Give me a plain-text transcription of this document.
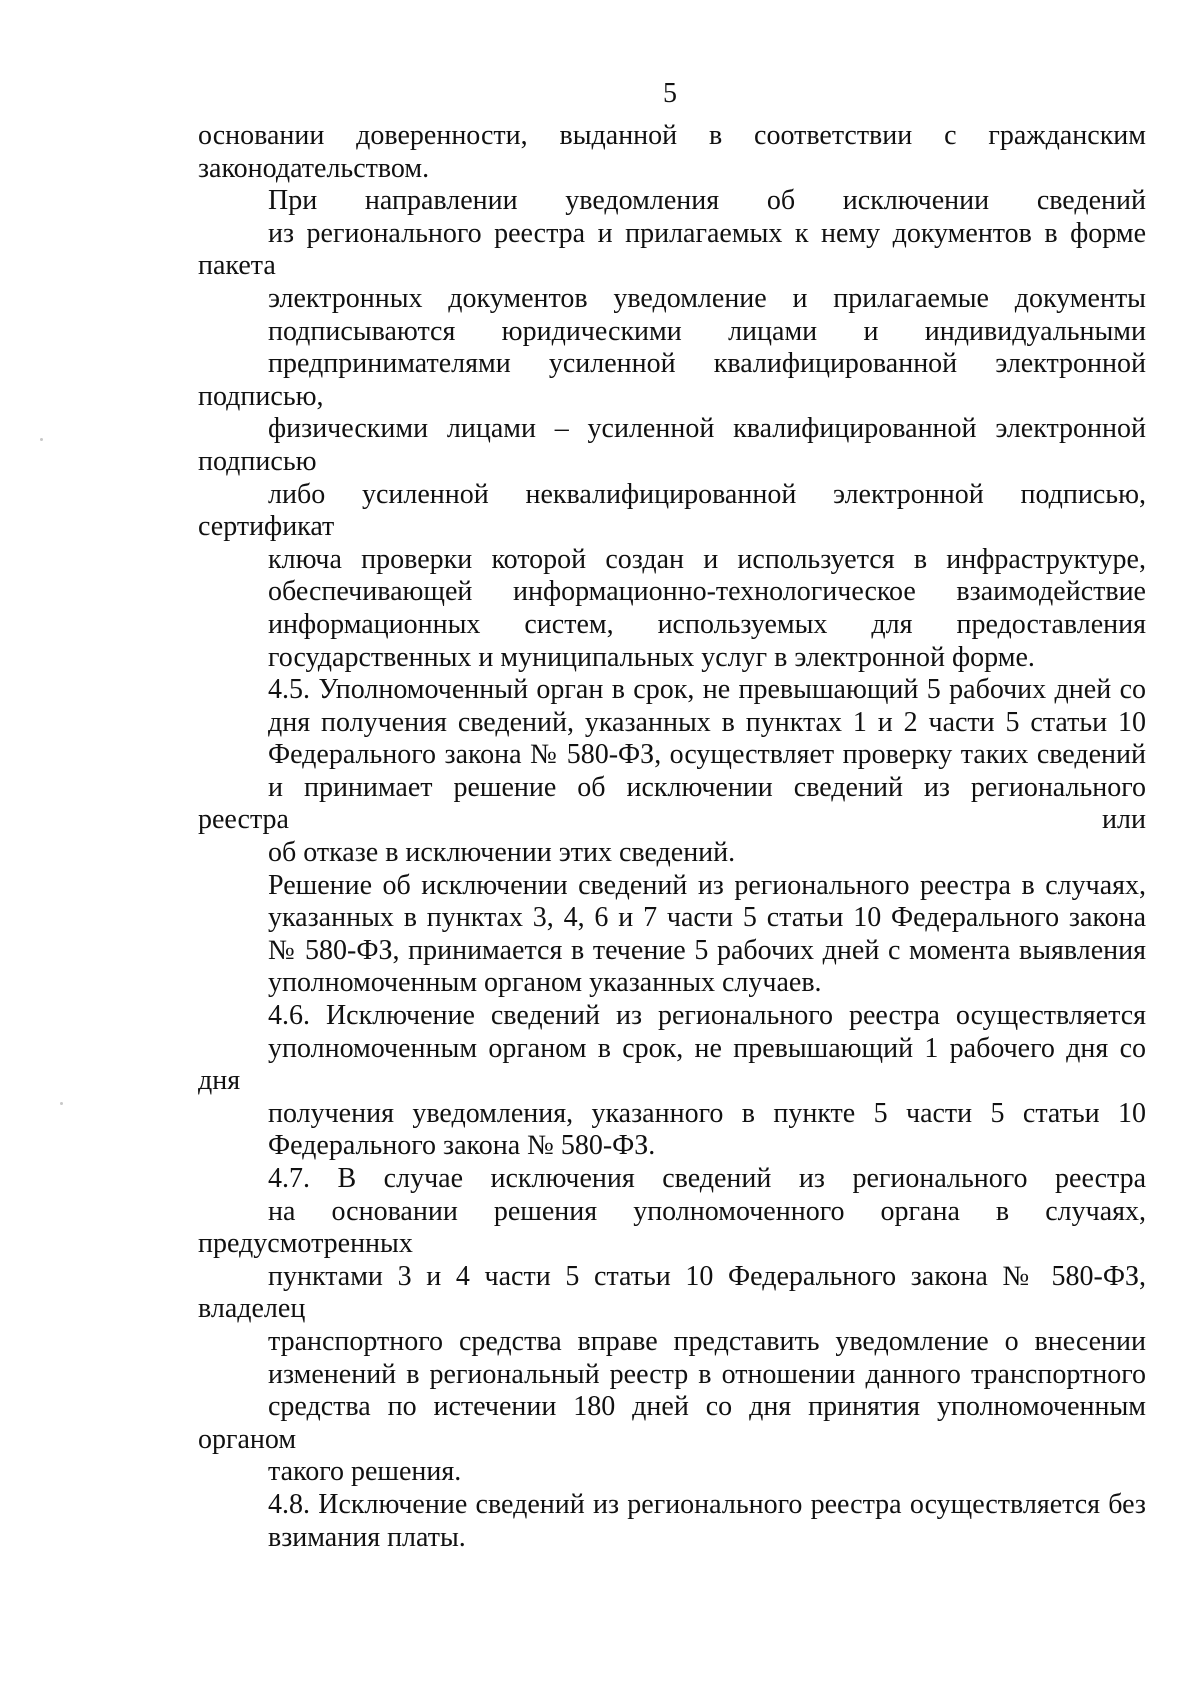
5
основании доверенности, выданной в соответствии с гражданским
законодательством.
При направлении уведомления об исключении сведений
из регионального реестра и прилагаемых к нему документов в форме пакета
электронных документов уведомление и прилагаемые документы
подписываются юридическими лицами и индивидуальными
предпринимателями усиленной квалифицированной электронной подписью,
физическими лицами – усиленной квалифицированной электронной подписью
либо усиленной неквалифицированной электронной подписью, сертификат
ключа проверки которой создан и используется в инфраструктуре,
обеспечивающей информационно-технологическое взаимодействие
информационных систем, используемых для предоставления
государственных и муниципальных услуг в электронной форме.
4.5. Уполномоченный орган в срок, не превышающий 5 рабочих дней со
дня получения сведений, указанных в пунктах 1 и 2 части 5 статьи 10
Федерального закона № 580-ФЗ, осуществляет проверку таких сведений
и принимает решение об исключении сведений из регионального реестра или
об отказе в исключении этих сведений.
Решение об исключении сведений из регионального реестра в случаях,
указанных в пунктах 3, 4, 6 и 7 части 5 статьи 10 Федерального закона
№ 580-ФЗ, принимается в течение 5 рабочих дней с момента выявления
уполномоченным органом указанных случаев.
4.6. Исключение сведений из регионального реестра осуществляется
уполномоченным органом в срок, не превышающий 1 рабочего дня со дня
получения уведомления, указанного в пункте 5 части 5 статьи 10
Федерального закона № 580-ФЗ.
4.7. В случае исключения сведений из регионального реестра
на основании решения уполномоченного органа в случаях, предусмотренных
пунктами 3 и 4 части 5 статьи 10 Федерального закона № 580-ФЗ, владелец
транспортного средства вправе представить уведомление о внесении
изменений в региональный реестр в отношении данного транспортного
средства по истечении 180 дней со дня принятия уполномоченным органом
такого решения.
4.8. Исключение сведений из регионального реестра осуществляется без
взимания платы.
